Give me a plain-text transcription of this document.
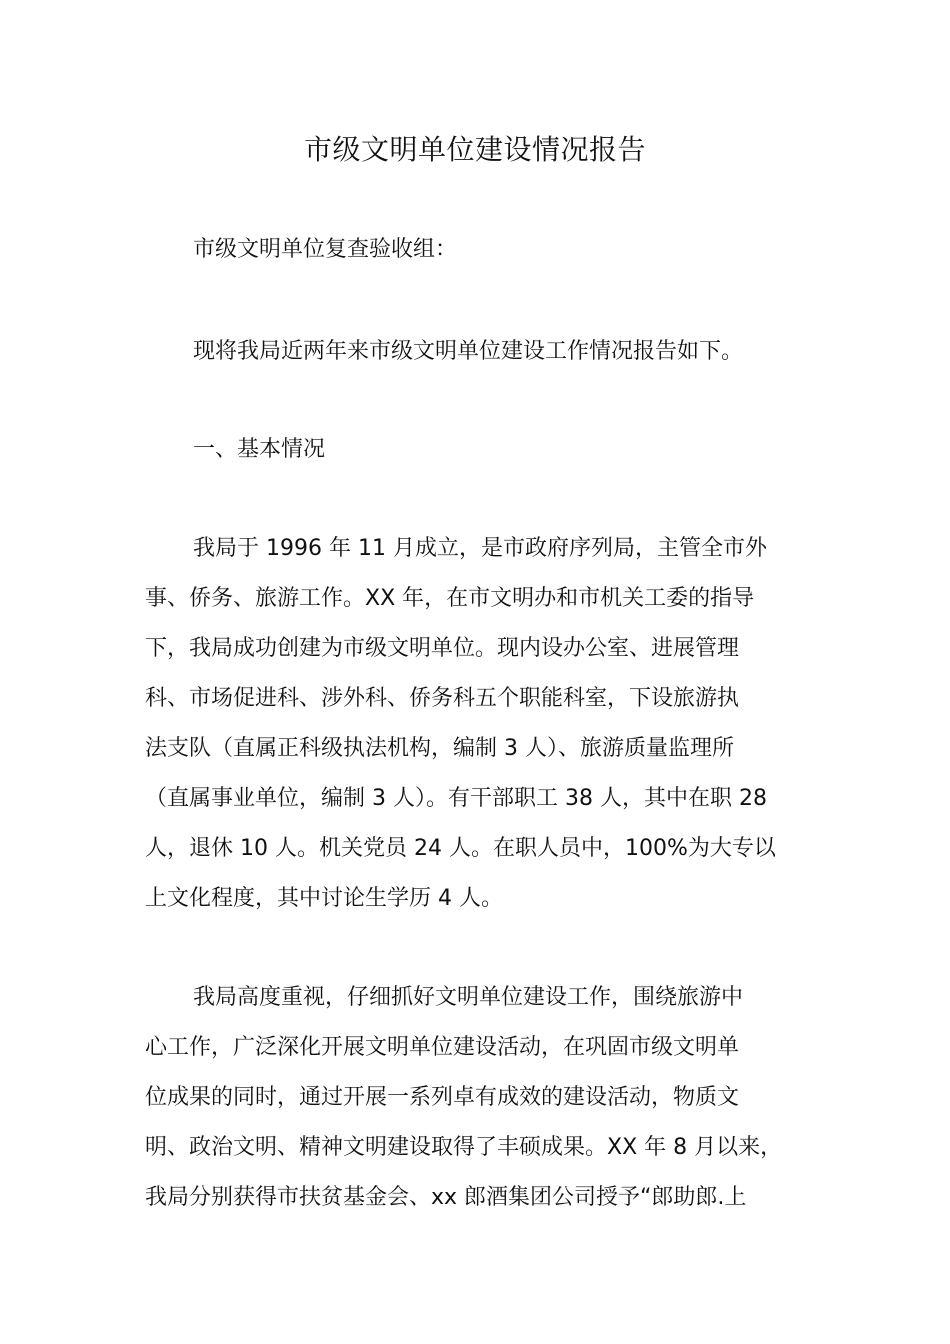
市级文明单位建设情况报告
市级文明单位复查验收组：
现将我局近两年来市级文明单位建设工作情况报告如下。
一、基本情况
我局于 1996 年 11 月成立，是市政府序列局，主管全市外
事、侨务、旅游工作。XX 年，在市文明办和市机关工委的指导
下，我局成功创建为市级文明单位。现内设办公室、进展管理
科、市场促进科、涉外科、侨务科五个职能科室，下设旅游执
法支队（直属正科级执法机构，编制 3 人）、旅游质量监理所
（直属事业单位，编制 3 人）。有干部职工 38 人，其中在职 28
人，退休 10 人。机关党员 24 人。在职人员中，100%为大专以
上文化程度，其中讨论生学历 4 人。
我局高度重视，仔细抓好文明单位建设工作，围绕旅游中
心工作，广泛深化开展文明单位建设活动，在巩固市级文明单
位成果的同时，通过开展一系列卓有成效的建设活动，物质文
明、政治文明、精神文明建设取得了丰硕成果。XX 年 8 月以来，
我局分别获得市扶贫基金会、xx 郎酒集团公司授予“郎助郎.上
